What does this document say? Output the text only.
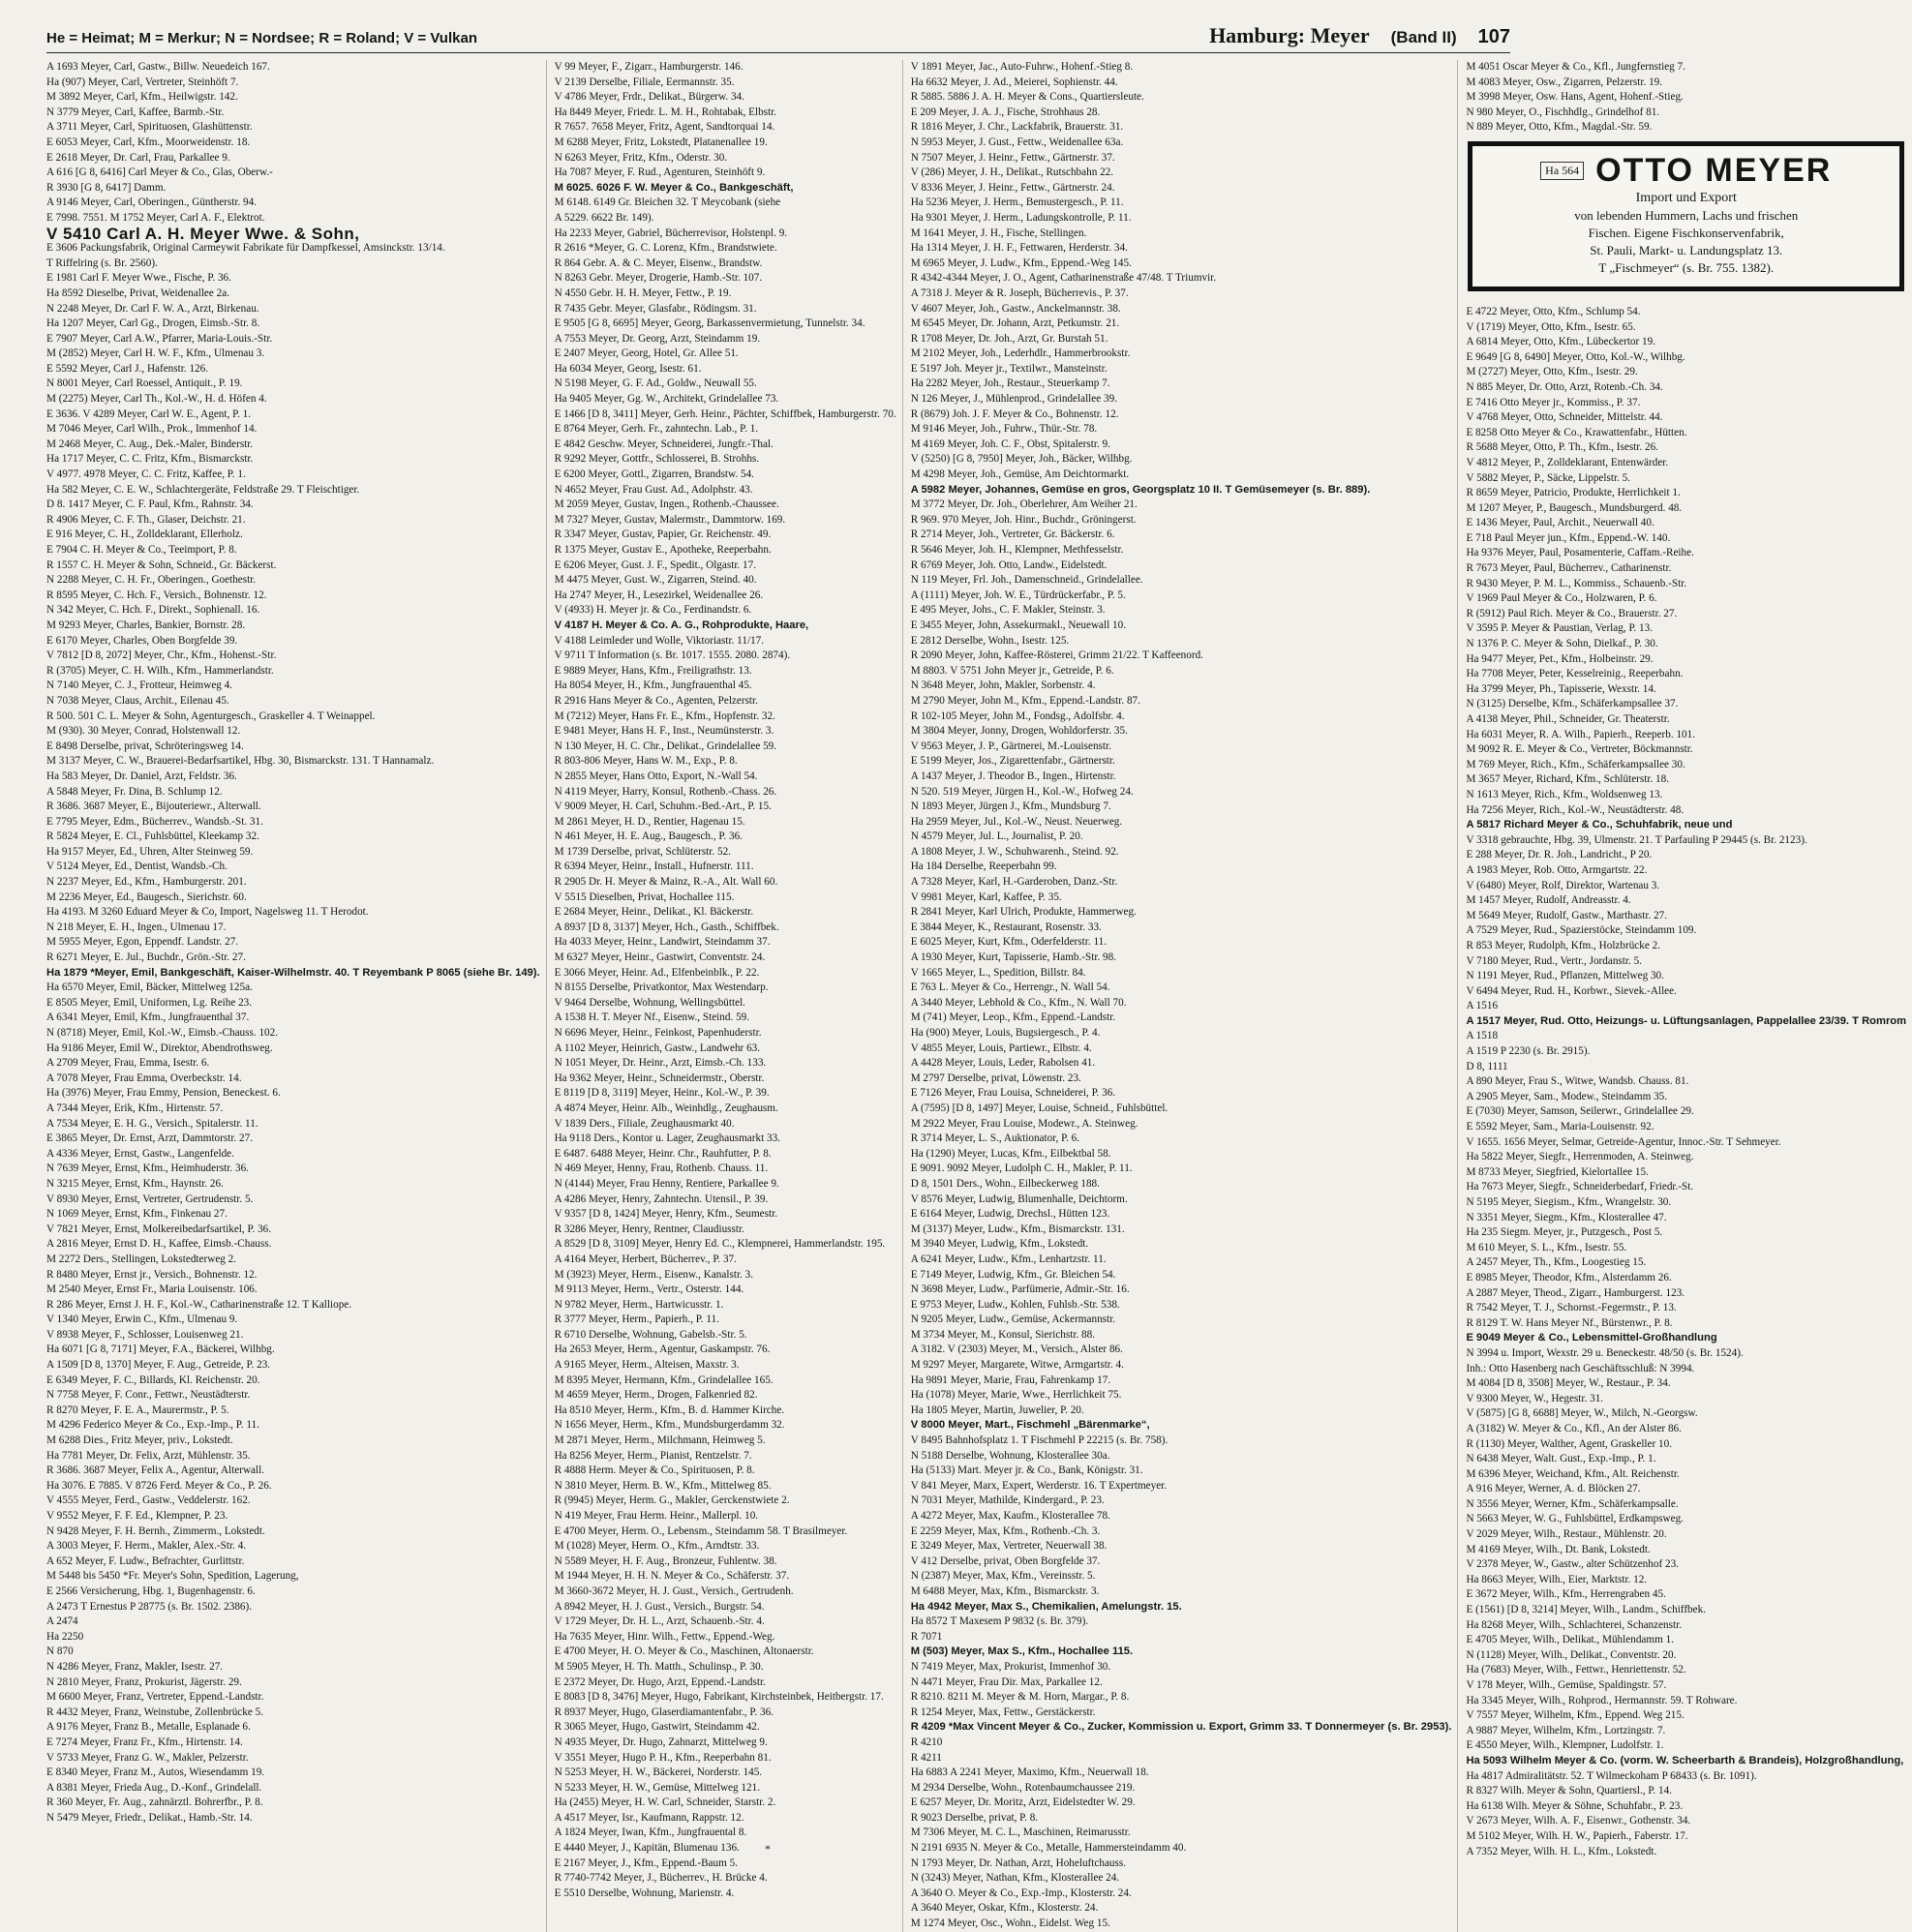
He = Heimat; M = Merkur; N = Nordsee; R = Roland; V = Vulkan	Hamburg: Meyer (Band II) 107
A 1693 Meyer, Carl, Gastw., Billw. Neuedeich 167.
Ha (907) Meyer, Carl, Vertreter, Steinhöft 7.
M 3892 Meyer, Carl, Kfm., Heilwigstr. 142.
N 3779 Meyer, Carl, Kaffee, Barmb.-Str.
A 3711 Meyer, Carl, Spirituosen, Glashüttenstr.
E 6053 Meyer, Carl, Kfm., Moorweidenstr. 18.
E 2618 Meyer, Dr. Carl, Frau, Parkallee 9.
A 616 [G 8, 6416] Carl Meyer & Co., Glas, Oberw.-
R 3930 [G 8, 6417] Damm.
A 9146 Meyer, Carl, Oberingen., Güntherstr. 94.
E 7998. 7551. M 1752 Meyer, Carl A. F., Elektrot.
V 5410 Carl A. H. Meyer Wwe. & Sohn,
E 3606 Packungsfabrik, Original Carmeywit Fabrikate für Dampfkessel, Amsinckstr. 13/14.
T Riffelring (s. Br. 2560).
E 1981 Carl F. Meyer Wwe., Fische, P. 36.
Ha 8592 Dieselbe, Privat, Weidenallee 2a.
N 2248 Meyer, Dr. Carl F. W. A., Arzt, Birkenau.
Ha 1207 Meyer, Carl Gg., Drogen, Eimsb.-Str. 8.
E 7907 Meyer, Carl A.W., Pfarrer, Maria-Louis.-Str.
M (2852) Meyer, Carl H. W. F., Kfm., Ulmenau 3.
E 5592 Meyer, Carl J., Hafenstr. 126.
N 8001 Meyer, Carl Roessel, Antiquit., P. 19.
M (2275) Meyer, Carl Th., Kol.-W., H. d. Höfen 4.
E 3636. V 4289 Meyer, Carl W. E., Agent, P. 1.
M 7046 Meyer, Carl Wilh., Prok., Immenhof 14.
M 2468 Meyer, C. Aug., Dek.-Maler, Binderstr.
Ha 1717 Meyer, C. C. Fritz, Kfm., Bismarckstr.
V 4977. 4978 Meyer, C. C. Fritz, Kaffee, P. 1.
Ha 582 Meyer, C. E. W., Schlachtergeräte, Feldstraße 29. T Fleischtiger.
D 8. 1417 Meyer, C. F. Paul, Kfm., Rahnstr. 34.
R 4906 Meyer, C. F. Th., Glaser, Deichstr. 21.
E 916 Meyer, C. H., Zolldeklarant, Ellerholz.
E 7904 C. H. Meyer & Co., Teeimport, P. 8.
R 1557 C. H. Meyer & Sohn, Schneid., Gr. Bäckerst.
N 2288 Meyer, C. H. Fr., Oberingen., Goethestr.
R 8595 Meyer, C. Hch. F., Versich., Bohnenstr. 12.
N 342 Meyer, C. Hch. F., Direkt., Sophienall. 16.
M 9293 Meyer, Charles, Bankier, Bornstr. 28.
E 6170 Meyer, Charles, Oben Borgfelde 39.
V 7812 [D 8, 2072] Meyer, Chr., Kfm., Hohenst.-Str.
R (3705) Meyer, C. H. Wilh., Kfm., Hammerlandstr.
N 7140 Meyer, C. J., Frotteur, Heimweg 4.
N 7038 Meyer, Claus, Archit., Eilenau 45.
R 500. 501 C. L. Meyer & Sohn, Agenturgesch., Graskeller 4. T Weinappel.
M (930). 30 Meyer, Conrad, Holstenwall 12.
E 8498 Derselbe, privat, Schröteringsweg 14.
M 3137 Meyer, C. W., Brauerei-Bedarfsartikel, Hbg. 30, Bismarckstr. 131. T Hannamalz.
Ha 583 Meyer, Dr. Daniel, Arzt, Feldstr. 36.
A 5848 Meyer, Fr. Dina, B. Schlump 12.
R 3686. 3687 Meyer, E., Bijouteriewr., Alterwall.
E 7795 Meyer, Edm., Bücherrev., Wandsb.-St. 31.
R 5824 Meyer, E. Cl., Fuhlsbüttel, Kleekamp 32.
Ha 9157 Meyer, Ed., Uhren, Alter Steinweg 59.
V 5124 Meyer, Ed., Dentist, Wandsb.-Ch.
N 2237 Meyer, Ed., Kfm., Hamburgerstr. 201.
M 2236 Meyer, Ed., Baugesch., Sierichstr. 60.
Ha 4193. M 3260 Eduard Meyer & Co, Import, Nagelsweg 11. T Herodot.
N 218 Meyer, E. H., Ingen., Ulmenau 17.
M 5955 Meyer, Egon, Eppendf. Landstr. 27.
R 6271 Meyer, E. Jul., Buchdr., Grön.-Str. 27.
Ha 1879 *Meyer, Emil, Bankgeschäft, Kaiser-Wilhelmstr. 40. T Reyembank P 8065 (siehe Br. 149).
Ha 6570 Meyer, Emil, Bäcker, Mittelweg 125a.
E 8505 Meyer, Emil, Uniformen, Lg. Reihe 23.
A 6341 Meyer, Emil, Kfm., Jungfrauenthal 37.
N (8718) Meyer, Emil, Kol.-W., Eimsb.-Chauss. 102.
Ha 9186 Meyer, Emil W., Direktor, Abendrothsweg.
A 2709 Meyer, Frau, Emma, Isestr. 6.
A 7078 Meyer, Frau Emma, Overbeckstr. 14.
Ha (3976) Meyer, Frau Emmy, Pension, Beneckest. 6.
A 7344 Meyer, Erik, Kfm., Hirtenstr. 57.
A 7534 Meyer, E. H. G., Versich., Spitalerstr. 11.
E 3865 Meyer, Dr. Ernst, Arzt, Dammtorstr. 27.
A 4336 Meyer, Ernst, Gastw., Langenfelde.
N 7639 Meyer, Ernst, Kfm., Heimhuderstr. 36.
N 3215 Meyer, Ernst, Kfm., Haynstr. 26.
V 8930 Meyer, Ernst, Vertreter, Gertrudenstr. 5.
N 1069 Meyer, Ernst, Kfm., Finkenau 27.
V 7821 Meyer, Ernst, Molkereibedarfsartikel, P. 36.
A 2816 Meyer, Ernst D. H., Kaffee, Eimsb.-Chauss.
M 2272 Ders., Stellingen, Lokstedterweg 2.
R 8480 Meyer, Ernst jr., Versich., Bohnenstr. 12.
M 2540 Meyer, Ernst Fr., Maria Louisenstr. 106.
R 286 Meyer, Ernst J. H. F., Kol.-W., Catharinenstraße 12. T Kalliope.
V 1340 Meyer, Erwin C., Kfm., Ulmenau 9.
V 8938 Meyer, F., Schlosser, Louisenweg 21.
Ha 6071 [G 8, 7171] Meyer, F.A., Bäckerei, Wilhbg.
A 1509 [D 8, 1370] Meyer, F. Aug., Getreide, P. 23.
E 6349 Meyer, F. C., Billards, Kl. Reichenstr. 20.
N 7758 Meyer, F. Conr., Fettwr., Neustädterstr.
R 8270 Meyer, F. E. A., Maurermstr., P. 5.
M 4296 Federico Meyer & Co., Exp.-Imp., P. 11.
M 6288 Dies., Fritz Meyer, priv., Lokstedt.
Ha 7781 Meyer, Dr. Felix, Arzt, Mühlenstr. 35.
R 3686. 3687 Meyer, Felix A., Agentur, Alterwall.
Ha 3076. E 7885. V 8726 Ferd. Meyer & Co., P. 26.
V 4555 Meyer, Ferd., Gastw., Veddelerstr. 162.
V 9552 Meyer, F. F. Ed., Klempner, P. 23.
N 9428 Meyer, F. H. Bernh., Zimmerm., Lokstedt.
A 3003 Meyer, F. Herm., Makler, Alex.-Str. 4.
A 652 Meyer, F. Ludw., Befrachter, Gurlittstr.
M 5448 bis 5450 *Fr. Meyer's Sohn, Spedition, Lagerung,
E 2566 Versicherung, Hbg. 1, Bugenhagenstr. 6.
A 2473 T Ernestus P 28775 (s. Br. 1502. 2386).
A 2474
Ha 2250
N 870
N 4286 Meyer, Franz, Makler, Isestr. 27.
N 2810 Meyer, Franz, Prokurist, Jägerstr. 29.
M 6600 Meyer, Franz, Vertreter, Eppend.-Landstr.
R 4432 Meyer, Franz, Weinstube, Zollenbrücke 5.
A 9176 Meyer, Franz B., Metalle, Esplanade 6.
E 7274 Meyer, Franz Fr., Kfm., Hirtenstr. 14.
V 5733 Meyer, Franz G. W., Makler, Pelzerstr.
E 8340 Meyer, Franz M., Autos, Wiesendamm 19.
A 8381 Meyer, Frieda Aug., D.-Konf., Grindelall.
R 360 Meyer, Fr. Aug., zahnärztl. Bohrerfbr., P. 8.
N 5479 Meyer, Friedr., Delikat., Hamb.-Str. 14.
V 99 Meyer, F., Zigarr., Hamburgerstr. 146.
V 2139 Derselbe, Filiale, Eermannstr. 35.
V 4786 Meyer, Frdr., Delikat., Bürgerw. 34.
Ha 8449 Meyer, Friedr. L. M. H., Rohtabak, Elbstr.
R 7657. 7658 Meyer, Fritz, Agent, Sandtorquai 14.
M 6288 Meyer, Fritz, Lokstedt, Platanenallee 19.
N 6263 Meyer, Fritz, Kfm., Oderstr. 30.
Ha 7087 Meyer, F. Rud., Agenturen, Steinhöft 9.
M 6025. 6026 F. W. Meyer & Co., Bankgeschäft,
M 6148. 6149 Gr. Bleichen 32. T Meycobank (siehe
A 5229. 6622 Br. 149).
Ha 2233 Meyer, Gabriel, Bücherrevisor, Holstenpl. 9.
R 2616 *Meyer, G. C. Lorenz, Kfm., Brandstwiete.
R 864 Gebr. A. & C. Meyer, Eisenw., Brandstw.
N 8263 Gebr. Meyer, Drogerie, Hamb.-Str. 107.
N 4550 Gebr. H. H. Meyer, Fettw., P. 19.
R 7435 Gebr. Meyer, Glasfabr., Rödingsm. 31.
E 9505 [G 8, 6695] Meyer, Georg, Barkassenvermietung, Tunnelstr. 34.
A 7553 Meyer, Dr. Georg, Arzt, Steindamm 19.
E 2407 Meyer, Georg, Hotel, Gr. Allee 51.
Ha 6034 Meyer, Georg, Isestr. 61.
N 5198 Meyer, G. F. Ad., Goldw., Neuwall 55.
Ha 9405 Meyer, Gg. W., Architekt, Grindelallee 73.
E 1466 [D 8, 3411] Meyer, Gerh. Heinr., Pächter, Schiffbek, Hamburgerstr. 70.
E 8764 Meyer, Gerh. Fr., zahntechn. Lab., P. 1.
E 4842 Geschw. Meyer, Schneiderei, Jungfr.-Thal.
R 9292 Meyer, Gottfr., Schlosserei, B. Strohhs.
E 6200 Meyer, Gottl., Zigarren, Brandstw. 54.
N 4652 Meyer, Frau Gust. Ad., Adolphstr. 43.
M 2059 Meyer, Gustav, Ingen., Rothenb.-Chaussee.
M 7327 Meyer, Gustav, Malermstr., Dammtorw. 169.
R 3347 Meyer, Gustav, Papier, Gr. Reichenstr. 49.
R 1375 Meyer, Gustav E., Apotheke, Reeperbahn.
E 6206 Meyer, Gust. J. F., Spedit., Olgastr. 17.
M 4475 Meyer, Gust. W., Zigarren, Steind. 40.
Ha 2747 Meyer, H., Lesezirkel, Weidenallee 26.
V (4933) H. Meyer jr. & Co., Ferdinandstr. 6.
V 4187 H. Meyer & Co. A. G., Rohprodukte, Haare,
V 4188 Leimleder und Wolle, Viktoriastr. 11/17.
V 9711 T Information (s. Br. 1017. 1555. 2080. 2874).
E 9889 Meyer, Hans, Kfm., Freiligrathstr. 13.
Ha 8054 Meyer, H., Kfm., Jungfrauenthal 45.
R 2916 Hans Meyer & Co., Agenten, Pelzerstr.
M (7212) Meyer, Hans Fr. E., Kfm., Hopfenstr. 32.
E 9481 Meyer, Hans H. F., Inst., Neumünsterstr. 3.
N 130 Meyer, H. C. Chr., Delikat., Grindelallee 59.
R 803-806 Meyer, Hans W. M., Exp., P. 8.
N 2855 Meyer, Hans Otto, Export, N.-Wall 54.
N 4119 Meyer, Harry, Konsul, Rothenb.-Chass. 26.
V 9009 Meyer, H. Carl, Schuhm.-Bed.-Art., P. 15.
M 2861 Meyer, H. D., Rentier, Hagenau 15.
N 461 Meyer, H. E. Aug., Baugesch., P. 36.
M 1739 Derselbe, privat, Schlüterstr. 52.
R 6394 Meyer, Heinr., Install., Hufnerstr. 111.
R 2905 Dr. H. Meyer & Mainz, R.-A., Alt. Wall 60.
V 5515 Dieselben, Privat, Hochallee 115.
E 2684 Meyer, Heinr., Delikat., Kl. Bäckerstr.
A 8937 [D 8, 3137] Meyer, Hch., Gasth., Schiffbek.
Ha 4033 Meyer, Heinr., Landwirt, Steindamm 37.
M 6327 Meyer, Heinr., Gastwirt, Conventstr. 24.
E 3066 Meyer, Heinr. Ad., Elfenbeinblk., P. 22.
N 8155 Derselbe, Privatkontor, Max Westendarp.
V 9464 Derselbe, Wohnung, Wellingsbüttel.
A 1538 H. T. Meyer Nf., Eisenw., Steind. 59.
N 6696 Meyer, Heinr., Feinkost, Papenhuderstr.
A 1102 Meyer, Heinrich, Gastw., Landwehr 63.
N 1051 Meyer, Dr. Heinr., Arzt, Eimsb.-Ch. 133.
Ha 9362 Meyer, Heinr., Schneidermstr., Oberstr.
E 8119 [D 8, 3119] Meyer, Heinr., Kol.-W., P. 39.
A 4874 Meyer, Heinr. Alb., Weinhdlg., Zeughausm.
V 1839 Ders., Filiale, Zeughausmarkt 40.
Ha 9118 Ders., Kontor u. Lager, Zeughausmarkt 33.
E 6487. 6488 Meyer, Heinr. Chr., Rauhfutter, P. 8.
N 469 Meyer, Henny, Frau, Rothenb. Chauss. 11.
N (4144) Meyer, Frau Henny, Rentiere, Parkallee 9.
A 4286 Meyer, Henry, Zahntechn. Utensil., P. 39.
V 9357 [D 8, 1424] Meyer, Henry, Kfm., Seumestr.
R 3286 Meyer, Henry, Rentner, Claudiusstr.
A 8529 [D 8, 3109] Meyer, Henry Ed. C., Klempnerei, Hammerlandstr. 195.
A 4164 Meyer, Herbert, Bücherrev., P. 37.
M (3923) Meyer, Herm., Eisenw., Kanalstr. 3.
M 9113 Meyer, Herm., Vertr., Osterstr. 144.
N 9782 Meyer, Herm., Hartwicusstr. 1.
R 3777 Meyer, Herm., Papierh., P. 11.
R 6710 Derselbe, Wohnung, Gabelsb.-Str. 5.
Ha 2653 Meyer, Herm., Agentur, Gaskampstr. 76.
A 9165 Meyer, Herm., Alteisen, Maxstr. 3.
M 8395 Meyer, Hermann, Kfm., Grindelallee 165.
M 4659 Meyer, Herm., Drogen, Falkenried 82.
Ha 8510 Meyer, Herm., Kfm., B. d. Hammer Kirche.
N 1656 Meyer, Herm., Kfm., Mundsburgerdamm 32.
M 2871 Meyer, Herm., Milchmann, Heimweg 5.
Ha 8256 Meyer, Herm., Pianist, Rentzelstr. 7.
R 4888 Herm. Meyer & Co., Spirituosen, P. 8.
N 3810 Meyer, Herm. B. W., Kfm., Mittelweg 85.
R (9945) Meyer, Herm. G., Makler, Gerckenstwiete 2.
N 419 Meyer, Frau Herm. Heinr., Mallerpl. 10.
E 4700 Meyer, Herm. O., Lebensm., Steindamm 58. T Brasilmeyer.
M (1028) Meyer, Herm. O., Kfm., Arndtstr. 33.
N 5589 Meyer, H. F. Aug., Bronzeur, Fuhlentw. 38.
M 1944 Meyer, H. H. N. Meyer & Co., Schäferstr. 37.
M 3660-3672 Meyer, H. J. Gust., Versich., Gertrudenh.
A 8942 Meyer, H. J. Gust., Versich., Burgstr. 54.
V 1729 Meyer, Dr. H. L., Arzt, Schauenb.-Str. 4.
Ha 7635 Meyer, Hinr. Wilh., Fettw., Eppend.-Weg.
E 4700 Meyer, H. O. Meyer & Co., Maschinen, Altonaerstr.
M 5905 Meyer, H. Th. Matth., Schulinsp., P. 30.
E 2372 Meyer, Dr. Hugo, Arzt, Eppend.-Landstr.
E 8083 [D 8, 3476] Meyer, Hugo, Fabrikant, Kirchsteinbek, Heitbergstr. 17.
R 8937 Meyer, Hugo, Glaserdiamantenfabr., P. 36.
R 3065 Meyer, Hugo, Gastwirt, Steindamm 42.
N 4935 Meyer, Dr. Hugo, Zahnarzt, Mittelweg 9.
V 3551 Meyer, Hugo P. H., Kfm., Reeperbahn 81.
N 5253 Meyer, H. W., Bäckerei, Norderstr. 145.
N 5233 Meyer, H. W., Gemüse, Mittelweg 121.
Ha (2455) Meyer, H. W. Carl, Schneider, Starstr. 2.
A 4517 Meyer, Isr., Kaufmann, Rappstr. 12.
A 1824 Meyer, Iwan, Kfm., Jungfrauental 8.
E 4440 Meyer, J., Kapitän, Blumenau 136.
E 2167 Meyer, J., Kfm., Eppend.-Baum 5.
R 7740-7742 Meyer, J., Bücherrev., H. Brücke 4.
E 5510 Derselbe, Wohnung, Marienstr. 4.
V 1891 Meyer, Jac., Auto-Fuhrw., Hohenf.-Stieg 8.
Ha 6632 Meyer, J. Ad., Meierei, Sophienstr. 44.
R 5885. 5886 J. A. H. Meyer & Cons., Quartiersleute.
E 209 Meyer, J. A. J., Fische, Strohhaus 28.
R 1816 Meyer, J. Chr., Lackfabrik, Brauerstr. 31.
N 5953 Meyer, J. Gust., Fettw., Weidenallee 63a.
N 7507 Meyer, J. Heinr., Fettw., Gärtnerstr. 37.
V (286) Meyer, J. H., Delikat., Rutschbahn 22.
V 8336 Meyer, J. Heinr., Fettw., Gärtnerstr. 24.
Ha 5236 Meyer, J. Herm., Bemustergesch., P. 11.
Ha 9301 Meyer, J. Herm., Ladungskontrolle, P. 11.
M 1641 Meyer, J. H., Fische, Stellingen.
Ha 1314 Meyer, J. H. F., Fettwaren, Herderstr. 34.
M 6965 Meyer, J. Ludw., Kfm., Eppend.-Weg 145.
R 4342-4344 Meyer, J. O., Agent, Catharinenstraße 47/48. T Triumvir.
A 7318 J. Meyer & R. Joseph, Bücherrevis., P. 37.
V 4607 Meyer, Joh., Gastw., Anckelmannstr. 38.
M 6545 Meyer, Dr. Johann, Arzt, Petkumstr. 21.
R 1708 Meyer, Dr. Joh., Arzt, Gr. Burstah 51.
M 2102 Meyer, Joh., Lederhdlr., Hammerbrookstr.
E 5197 Joh. Meyer jr., Textilwr., Mansteinstr.
Ha 2282 Meyer, Joh., Restaur., Steuerkamp 7.
N 126 Meyer, J., Mühlenprod., Grindelallee 39.
R (8679) Joh. J. F. Meyer & Co., Bohnenstr. 12.
M 9146 Meyer, Joh., Fuhrw., Thür.-Str. 78.
M 4169 Meyer, Joh. C. F., Obst, Spitalerstr. 9.
V (5250) [G 8, 7950] Meyer, Joh., Bäcker, Wilhbg.
M 4298 Meyer, Joh., Gemüse, Am Deichtormarkt.
A 5982 Meyer, Johannes, Gemüse en gros, Georgsplatz 10 II. T Gemüsemeyer (s. Br. 889).
M 3772 Meyer, Dr. Joh., Oberlehrer, Am Weiher 21.
R 969. 970 Meyer, Joh. Hinr., Buchdr., Gröningerst.
R 2714 Meyer, Joh., Vertreter, Gr. Bäckerstr. 6.
R 5646 Meyer, Joh. H., Klempner, Methfesselstr.
R 6769 Meyer, Joh. Otto, Landw., Eidelstedt.
N 119 Meyer, Frl. Joh., Damenschneid., Grindelallee.
A (1111) Meyer, Joh. W. E., Türdrückerfabr., P. 5.
E 495 Meyer, Johs., C. F. Makler, Steinstr. 3.
E 3455 Meyer, John, Assekurmakl., Neuewall 10.
E 2812 Derselbe, Wohn., Isestr. 125.
R 2090 Meyer, John, Kaffee-Rösterei, Grimm 21/22. T Kaffeenord.
M 8803. V 5751 John Meyer jr., Getreide, P. 6.
N 3648 Meyer, John, Makler, Sorbenstr. 4.
M 2790 Meyer, John M., Kfm., Eppend.-Landstr. 87.
R 102-105 Meyer, John M., Fondsg., Adolfsbr. 4.
M 3804 Meyer, Jonny, Drogen, Wohldorferstr. 35.
V 9563 Meyer, J. P., Gärtnerei, M.-Louisenstr.
E 5199 Meyer, Jos., Zigarettenfabr., Gärtnerstr.
A 1437 Meyer, J. Theodor B., Ingen., Hirtenstr.
N 520. 519 Meyer, Jürgen H., Kol.-W., Hofweg 24.
N 1893 Meyer, Jürgen J., Kfm., Mundsburg 7.
Ha 2959 Meyer, Jul., Kol.-W., Neust. Neuerweg.
N 4579 Meyer, Jul. L., Journalist, P. 20.
A 1808 Meyer, J. W., Schuhwarenh., Steind. 92.
Ha 184 Derselbe, Reeperbahn 99.
A 7328 Meyer, Karl, H.-Garderoben, Danz.-Str.
V 9981 Meyer, Karl, Kaffee, P. 35.
R 2841 Meyer, Karl Ulrich, Produkte, Hammerweg.
E 3844 Meyer, K., Restaurant, Rosenstr. 33.
E 6025 Meyer, Kurt, Kfm., Oderfelderstr. 11.
A 1930 Meyer, Kurt, Tapisserie, Hamb.-Str. 98.
V 1665 Meyer, L., Spedition, Billstr. 84.
E 763 L. Meyer & Co., Herrengr., N. Wall 54.
A 3440 Meyer, Lebhold & Co., Kfm., N. Wall 70.
M (741) Meyer, Leop., Kfm., Eppend.-Landstr.
Ha (900) Meyer, Louis, Bugsiergesch., P. 4.
V 4855 Meyer, Louis, Partiewr., Elbstr. 4.
A 4428 Meyer, Louis, Leder, Rabolsen 41.
M 2797 Derselbe, privat, Löwenstr. 23.
E 7126 Meyer, Frau Louisa, Schneiderei, P. 36.
A (7595) [D 8, 1497] Meyer, Louise, Schneid., Fuhlsbüttel.
M 2922 Meyer, Frau Louise, Modewr., A. Steinweg.
R 3714 Meyer, L. S., Auktionator, P. 6.
Ha (1290) Meyer, Lucas, Kfm., Eilbektbal 58.
E 9091. 9092 Meyer, Ludolph C. H., Makler, P. 11.
D 8, 1501 Ders., Wohn., Eilbeckerweg 188.
V 8576 Meyer, Ludwig, Blumenhalle, Deichtorm.
E 6164 Meyer, Ludwig, Drechsl., Hütten 123.
M (3137) Meyer, Ludw., Kfm., Bismarckstr. 131.
M 3940 Meyer, Ludwig, Kfm., Lokstedt.
A 6241 Meyer, Ludw., Kfm., Lenhartzstr. 11.
E 7149 Meyer, Ludwig, Kfm., Gr. Bleichen 54.
N 3698 Meyer, Ludw., Parfümerie, Admir.-Str. 16.
E 9753 Meyer, Ludw., Kohlen, Fuhlsb.-Str. 538.
N 9205 Meyer, Ludw., Gemüse, Ackermannstr.
M 3734 Meyer, M., Konsul, Sierichstr. 88.
A 3182. V (2303) Meyer, M., Versich., Alster 86.
M 9297 Meyer, Margarete, Witwe, Armgartstr. 4.
Ha 9891 Meyer, Marie, Frau, Fahrenkamp 17.
Ha (1078) Meyer, Marie, Wwe., Herrlichkeit 75.
Ha 1805 Meyer, Martin, Juwelier, P. 20.
V 8000 Meyer, Mart., Fischmehl „Bärenmarke“,
V 8495 Bahnhofsplatz 1. T Fischmehl P 22215 (s. Br. 758).
N 5188 Derselbe, Wohnung, Klosterallee 30a.
Ha (5133) Mart. Meyer jr. & Co., Bank, Königstr. 31.
V 841 Meyer, Marx, Expert, Werderstr. 16. T Expertmeyer.
N 7031 Meyer, Mathilde, Kindergard., P. 23.
A 4272 Meyer, Max, Kaufm., Klosterallee 78.
E 2259 Meyer, Max, Kfm., Rothenb.-Ch. 3.
E 3249 Meyer, Max, Vertreter, Neuerwall 38.
V 412 Derselbe, privat, Oben Borgfelde 37.
N (2387) Meyer, Max, Kfm., Vereinsstr. 5.
M 6488 Meyer, Max, Kfm., Bismarckstr. 3.
Ha 4942 Meyer, Max S., Chemikalien, Amelungstr. 15.
Ha 8572 T Maxesem P 9832 (s. Br. 379).
R 7071
M (503) Meyer, Max S., Kfm., Hochallee 115.
N 7419 Meyer, Max, Prokurist, Immenhof 30.
N 4471 Meyer, Frau Dir. Max, Parkallee 12.
R 8210. 8211 M. Meyer & M. Horn, Margar., P. 8.
R 1254 Meyer, Max, Fettw., Gerstäckerstr.
R 4209 *Max Vincent Meyer & Co., Zucker, Kommission u. Export, Grimm 33. T Donnermeyer (s. Br. 2953).
R 4210
R 4211
Ha 6883 A 2241 Meyer, Maximo, Kfm., Neuerwall 18.
M 2934 Derselbe, Wohn., Rotenbaumchaussee 219.
E 6257 Meyer, Dr. Moritz, Arzt, Eidelstedter W. 29.
R 9023 Derselbe, privat, P. 8.
M 7306 Meyer, M. C. L., Maschinen, Reimarusstr.
N 2191 6935 N. Meyer & Co., Metalle, Hammersteindamm 40.
N 1793 Meyer, Dr. Nathan, Arzt, Hoheluftchauss.
N (3243) Meyer, Nathan, Kfm., Klosterallee 24.
A 3640 O. Meyer & Co., Exp.-Imp., Klosterstr. 24.
A 3640 Meyer, Oskar, Kfm., Klosterstr. 24.
M 1274 Meyer, Osc., Wohn., Eidelst. Weg 15.
M 4051 Oscar Meyer & Co., Kfl., Jungfernstieg 7.
M 4083 Meyer, Osw., Zigarren, Pelzerstr. 19.
M 3998 Meyer, Osw. Hans, Agent, Hohenf.-Stieg.
N 980 Meyer, O., Fischhdlg., Grindelhof 81.
N 889 Meyer, Otto, Kfm., Magdal.-Str. 59.
Ha 564 OTTO MEYER
Import und Export
von lebenden Hummern, Lachs und frischen
Fischen. Eigene Fischkonservenfabrik,
St. Pauli, Markt- u. Landungsplatz 13.
T „Fischmeyer“ (s. Br. 755. 1382).
E 4722 Meyer, Otto, Kfm., Schlump 54.
V (1719) Meyer, Otto, Kfm., Isestr. 65.
A 6814 Meyer, Otto, Kfm., Lübeckertor 19.
E 9649 [G 8, 6490] Meyer, Otto, Kol.-W., Wilhbg.
M (2727) Meyer, Otto, Kfm., Isestr. 29.
N 885 Meyer, Dr. Otto, Arzt, Rotenb.-Ch. 34.
E 7416 Otto Meyer jr., Kommiss., P. 37.
V 4768 Meyer, Otto, Schneider, Mittelstr. 44.
E 8258 Otto Meyer & Co., Krawattenfabr., Hütten.
R 5688 Meyer, Otto, P. Th., Kfm., Isestr. 26.
V 4812 Meyer, P., Zolldeklarant, Entenwärder.
V 5882 Meyer, P., Säcke, Lippelstr. 5.
R 8659 Meyer, Patricio, Produkte, Herrlichkeit 1.
M 1207 Meyer, P., Baugesch., Mundsburgerd. 48.
E 1436 Meyer, Paul, Archit., Neuerwall 40.
E 718 Paul Meyer jun., Kfm., Eppend.-W. 140.
Ha 9376 Meyer, Paul, Posamenterie, Caffam.-Reihe.
R 7673 Meyer, Paul, Bücherrev., Catharinenstr.
R 9430 Meyer, P. M. L., Kommiss., Schauenb.-Str.
V 1969 Paul Meyer & Co., Holzwaren, P. 6.
R (5912) Paul Rich. Meyer & Co., Brauerstr. 27.
V 3595 P. Meyer & Paustian, Verlag, P. 13.
N 1376 P. C. Meyer & Sohn, Dielkaf., P. 30.
Ha 9477 Meyer, Pet., Kfm., Holbeinstr. 29.
Ha 7708 Meyer, Peter, Kesselreinig., Reeperbahn.
Ha 3799 Meyer, Ph., Tapisserie, Wexstr. 14.
N (3125) Derselbe, Kfm., Schäferkampsallee 37.
A 4138 Meyer, Phil., Schneider, Gr. Theaterstr.
Ha 6031 Meyer, R. A. Wilh., Papierh., Reeperb. 101.
M 9092 R. E. Meyer & Co., Vertreter, Böckmannstr.
M 769 Meyer, Rich., Kfm., Schäferkampsallee 30.
M 3657 Meyer, Richard, Kfm., Schlüterstr. 18.
N 1613 Meyer, Rich., Kfm., Woldsenweg 13.
Ha 7256 Meyer, Rich., Kol.-W., Neustädterstr. 48.
A 5817 Richard Meyer & Co., Schuhfabrik, neue und
V 3318 gebrauchte, Hbg. 39, Ulmenstr. 21. T Parfauling P 29445 (s. Br. 2123).
E 288 Meyer, Dr. R. Joh., Landricht., P 20.
A 1983 Meyer, Rob. Otto, Armgartstr. 22.
V (6480) Meyer, Rolf, Direktor, Wartenau 3.
M 1457 Meyer, Rudolf, Andreasstr. 4.
M 5649 Meyer, Rudolf, Gastw., Marthastr. 27.
A 7529 Meyer, Rud., Spazierstöcke, Steindamm 109.
R 853 Meyer, Rudolph, Kfm., Holzbrücke 2.
V 7180 Meyer, Rud., Vertr., Jordanstr. 5.
N 1191 Meyer, Rud., Pflanzen, Mittelweg 30.
V 6494 Meyer, Rud. H., Korbwr., Sievek.-Allee.
A 1516
A 1517 Meyer, Rud. Otto, Heizungs- u. Lüftungsanlagen, Pappelallee 23/39. T Romrom
A 1518
A 1519 P 2230 (s. Br. 2915).
D 8, 1111
A 890 Meyer, Frau S., Witwe, Wandsb. Chauss. 81.
A 2905 Meyer, Sam., Modew., Steindamm 35.
E (7030) Meyer, Samson, Seilerwr., Grindelallee 29.
E 5592 Meyer, Sam., Maria-Louisenstr. 92.
V 1655. 1656 Meyer, Selmar, Getreide-Agentur, Innoc.-Str. T Sehmeyer.
Ha 5822 Meyer, Siegfr., Herrenmoden, A. Steinweg.
M 8733 Meyer, Siegfried, Kielortallee 15.
Ha 7673 Meyer, Siegfr., Schneiderbedarf, Friedr.-St.
N 5195 Meyer, Siegism., Kfm., Wrangelstr. 30.
N 3351 Meyer, Siegm., Kfm., Klosterallee 47.
Ha 235 Siegm. Meyer, jr., Putzgesch., Post 5.
M 610 Meyer, S. L., Kfm., Isestr. 55.
A 2457 Meyer, Th., Kfm., Loogestieg 15.
E 8985 Meyer, Theodor, Kfm., Alsterdamm 26.
A 2887 Meyer, Theod., Zigarr., Hamburgerst. 123.
R 7542 Meyer, T. J., Schornst.-Fegermstr., P. 13.
R 8129 T. W. Hans Meyer Nf., Bürstenwr., P. 8.
E 9049 Meyer & Co., Lebensmittel-Großhandlung
N 3994 u. Import, Wexstr. 29 u. Beneckestr. 48/50 (s. Br. 1524).
Inh.: Otto Hasenberg nach Geschäftsschluß: N 3994.
M 4084 [D 8, 3508] Meyer, W., Restaur., P. 34.
V 9300 Meyer, W., Hegestr. 31.
V (5875) [G 8, 6688] Meyer, W., Milch, N.-Georgsw.
A (3182) W. Meyer & Co., Kfl., An der Alster 86.
R (1130) Meyer, Walther, Agent, Graskeller 10.
N 6438 Meyer, Walt. Gust., Exp.-Imp., P. 1.
M 6396 Meyer, Weichand, Kfm., Alt. Reichenstr.
A 916 Meyer, Werner, A. d. Blöcken 27.
N 3556 Meyer, Werner, Kfm., Schäferkampsalle.
N 5663 Meyer, W. G., Fuhlsbüttel, Erdkampsweg.
V 2029 Meyer, Wilh., Restaur., Mühlenstr. 20.
M 4169 Meyer, Wilh., Dt. Bank, Lokstedt.
V 2378 Meyer, W., Gastw., alter Schützenhof 23.
Ha 8663 Meyer, Wilh., Eier, Marktstr. 12.
E 3672 Meyer, Wilh., Kfm., Herrengraben 45.
E (1561) [D 8, 3214] Meyer, Wilh., Landm., Schiffbek.
Ha 8268 Meyer, Wilh., Schlachterei, Schanzenstr.
E 4705 Meyer, Wilh., Delikat., Mühlendamm 1.
N (1128) Meyer, Wilh., Delikat., Conventstr. 20.
Ha (7683) Meyer, Wilh., Fettwr., Henriettenstr. 52.
V 178 Meyer, Wilh., Gemüse, Spaldingstr. 57.
Ha 3345 Meyer, Wilh., Rohprod., Hermannstr. 59. T Rohware.
V 7557 Meyer, Wilhelm, Kfm., Eppend. Weg 215.
A 9887 Meyer, Wilhelm, Kfm., Lortzingstr. 7.
E 4550 Meyer, Wilh., Klempner, Ludolfstr. 1.
Ha 5093 Wilhelm Meyer & Co. (vorm. W. Scheerbarth & Brandeis), Holzgroßhandlung,
Ha 4817 Admiralitätstr. 52. T Wilmeckoham P 68433 (s. Br. 1091).
R 8327 Wilh. Meyer & Sohn, Quartiersl., P. 14.
Ha 6138 Wilh. Meyer & Söhne, Schuhfabr., P. 23.
V 2673 Meyer, Wilh. A. F., Eisenwr., Gothenstr. 34.
M 5102 Meyer, Wilh. H. W., Papierh., Faberstr. 17.
A 7352 Meyer, Wilh. H. L., Kfm., Lokstedt.
*
